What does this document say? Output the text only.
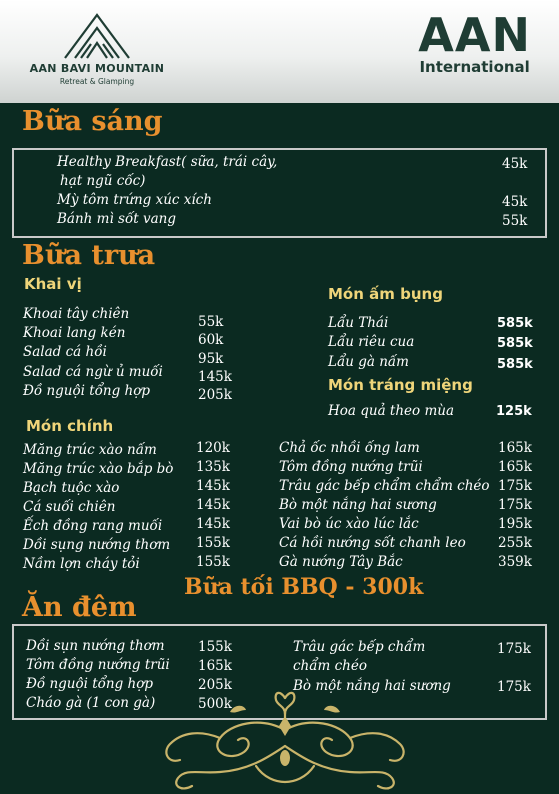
AAN BAVI MOUNTAIN
Retreat & Glamping
AAN
International
Bữa sáng
Healthy Breakfast( sữa, trái cây,	45k
hạt ngũ cốc)
Mỳ tôm trứng xúc xích	45k
Bánh mì sốt vang	55k
Bữa trưa
Khai vị
Khoai tây chiên	55k
Khoai lang kén	60k
Salad cá hồi	95k
Salad cá ngừ ủ muối	145k
Đồ nguội tổng hợp	205k
Món ấm bụng
Lẩu Thái	585k
Lẩu riêu cua	585k
Lẩu gà nấm	585k
Món tráng miệng
Hoa quả theo mùa	125k
Món chính
Măng trúc xào nấm	120k
Măng trúc xào bắp bò 135k
Bạch tuộc xào	145k
Cá suối chiên	145k
Ếch đồng rang muối	145k
Dồi sụng nướng thơm 155k
Nầm lợn cháy tỏi	155k
Chả ốc nhồi ống lam	165k
Tôm đồng nướng trũi	165k
Trâu gác bếp chẩm chẩm chéo 175k
Bò một nắng hai sương	175k
Vai bò úc xào lúc lắc	195k
Cá hồi nướng sốt chanh leo 255k
Gà nướng Tây Bắc	359k
Bữa tối BBQ - 300k
Ăn đêm
Dồi sụn nướng thơm 155k
Tôm đồng nướng trũi 165k
Đồ nguội tổng hợp	205k
Cháo gà (1 con gà)	500k
Trâu gác bếp chẩm	175k
chẩm chéo
Bò một nắng hai sương	175k
